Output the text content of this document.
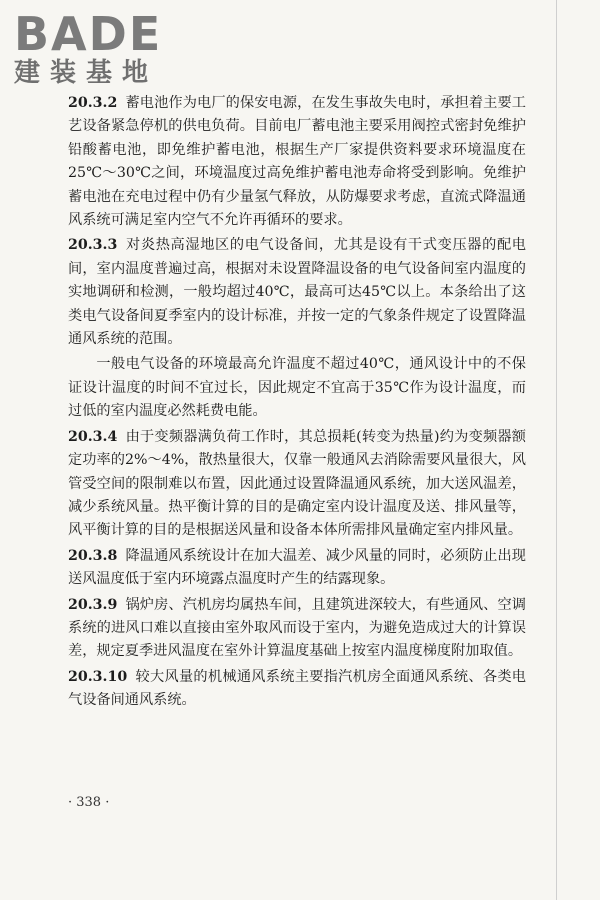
BADE
建装基地

20.3.2 蓄电池作为电厂的保安电源，在发生事故失电时，承担着主要工艺设备紧急停机的供电负荷。目前电厂蓄电池主要采用阀控式密封免维护铅酸蓄电池，即免维护蓄电池，根据生产厂家提供资料要求环境温度在25℃～30℃之间，环境温度过高免维护蓄电池寿命将受到影响。免维护蓄电池在充电过程中仍有少量氢气释放，从防爆要求考虑，直流式降温通风系统可满足室内空气不允许再循环的要求。

20.3.3 对炎热高湿地区的电气设备间，尤其是设有干式变压器的配电间，室内温度普遍过高，根据对未设置降温设备的电气设备间室内温度的实地调研和检测，一般均超过40℃，最高可达45℃以上。本条给出了这类电气设备间夏季室内的设计标准，并按一定的气象条件规定了设置降温通风系统的范围。

一般电气设备的环境最高允许温度不超过40℃，通风设计中的不保证设计温度的时间不宜过长，因此规定不宜高于35℃作为设计温度，而过低的室内温度必然耗费电能。

20.3.4 由于变频器满负荷工作时，其总损耗(转变为热量)约为变频器额定功率的2%～4%，散热量很大，仅靠一般通风去消除需要风量很大，风管受空间的限制难以布置，因此通过设置降温通风系统，加大送风温差，减少系统风量。热平衡计算的目的是确定室内设计温度及送、排风量等，风平衡计算的目的是根据送风量和设备本体所需排风量确定室内排风量。

20.3.8 降温通风系统设计在加大温差、减少风量的同时，必须防止出现送风温度低于室内环境露点温度时产生的结露现象。

20.3.9 锅炉房、汽机房均属热车间，且建筑进深较大，有些通风、空调系统的进风口难以直接由室外取风而设于室内，为避免造成过大的计算误差，规定夏季进风温度在室外计算温度基础上按室内温度梯度附加取值。

20.3.10 较大风量的机械通风系统主要指汽机房全面通风系统、各类电气设备间通风系统。

· 338 ·
